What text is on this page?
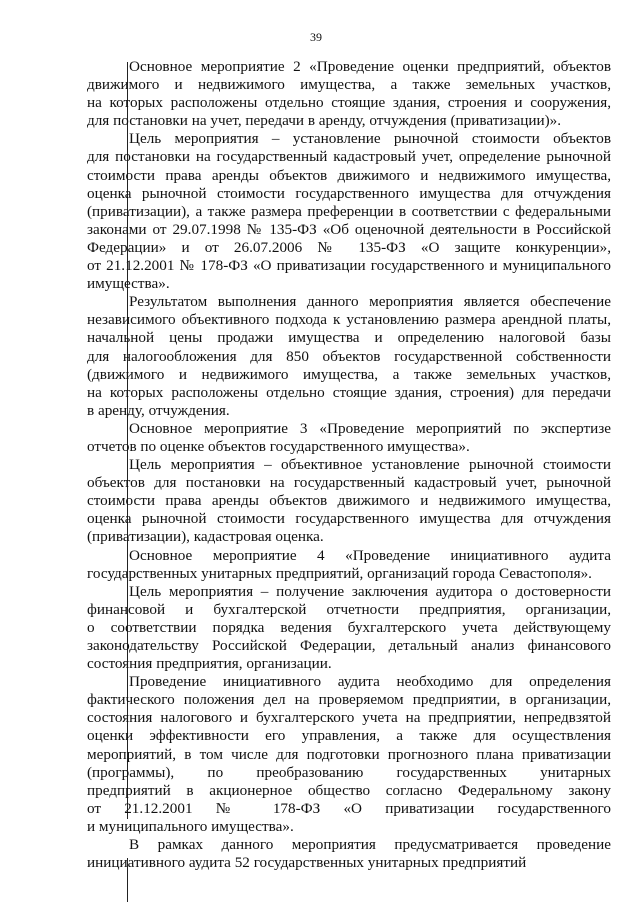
39
Основное мероприятие 2 «Проведение оценки предприятий, объектов
движимого и недвижимого имущества, а также земельных участков,
на которых расположены отдельно стоящие здания, строения и сооружения,
для постановки на учет, передачи в аренду, отчуждения (приватизации)».
Цель мероприятия – установление рыночной стоимости объектов
для постановки на государственный кадастровый учет, определение рыночной
стоимости права аренды объектов движимого и недвижимого имущества,
оценка рыночной стоимости государственного имущества для отчуждения
(приватизации), а также размера преференции в соответствии с федеральными
законами от 29.07.1998 № 135-ФЗ «Об оценочной деятельности в Российской
Федерации» и от 26.07.2006 № 135-ФЗ «О защите конкуренции»,
от 21.12.2001 № 178-ФЗ «О приватизации государственного и муниципального
имущества».
Результатом выполнения данного мероприятия является обеспечение
независимого объективного подхода к установлению размера арендной платы,
начальной цены продажи имущества и определению налоговой базы
для налогообложения для 850 объектов государственной собственности
(движимого и недвижимого имущества, а также земельных участков,
на которых расположены отдельно стоящие здания, строения) для передачи
в аренду, отчуждения.
Основное мероприятие 3 «Проведение мероприятий по экспертизе
отчетов по оценке объектов государственного имущества».
Цель мероприятия – объективное установление рыночной стоимости
объектов для постановки на государственный кадастровый учет, рыночной
стоимости права аренды объектов движимого и недвижимого имущества,
оценка рыночной стоимости государственного имущества для отчуждения
(приватизации), кадастровая оценка.
Основное мероприятие 4 «Проведение инициативного аудита
государственных унитарных предприятий, организаций города Севастополя».
Цель мероприятия – получение заключения аудитора о достоверности
финансовой и бухгалтерской отчетности предприятия, организации,
о соответствии порядка ведения бухгалтерского учета действующему
законодательству Российской Федерации, детальный анализ финансового
состояния предприятия, организации.
Проведение инициативного аудита необходимо для определения
фактического положения дел на проверяемом предприятии, в организации,
состояния налогового и бухгалтерского учета на предприятии, непредвзятой
оценки эффективности его управления, а также для осуществления
мероприятий, в том числе для подготовки прогнозного плана приватизации
(программы), по преобразованию государственных унитарных
предприятий в акционерное общество согласно Федеральному закону
от 21.12.2001 № 178-ФЗ «О приватизации государственного
и муниципального имущества».
В рамках данного мероприятия предусматривается проведение
инициативного аудита 52 государственных унитарных предприятий
